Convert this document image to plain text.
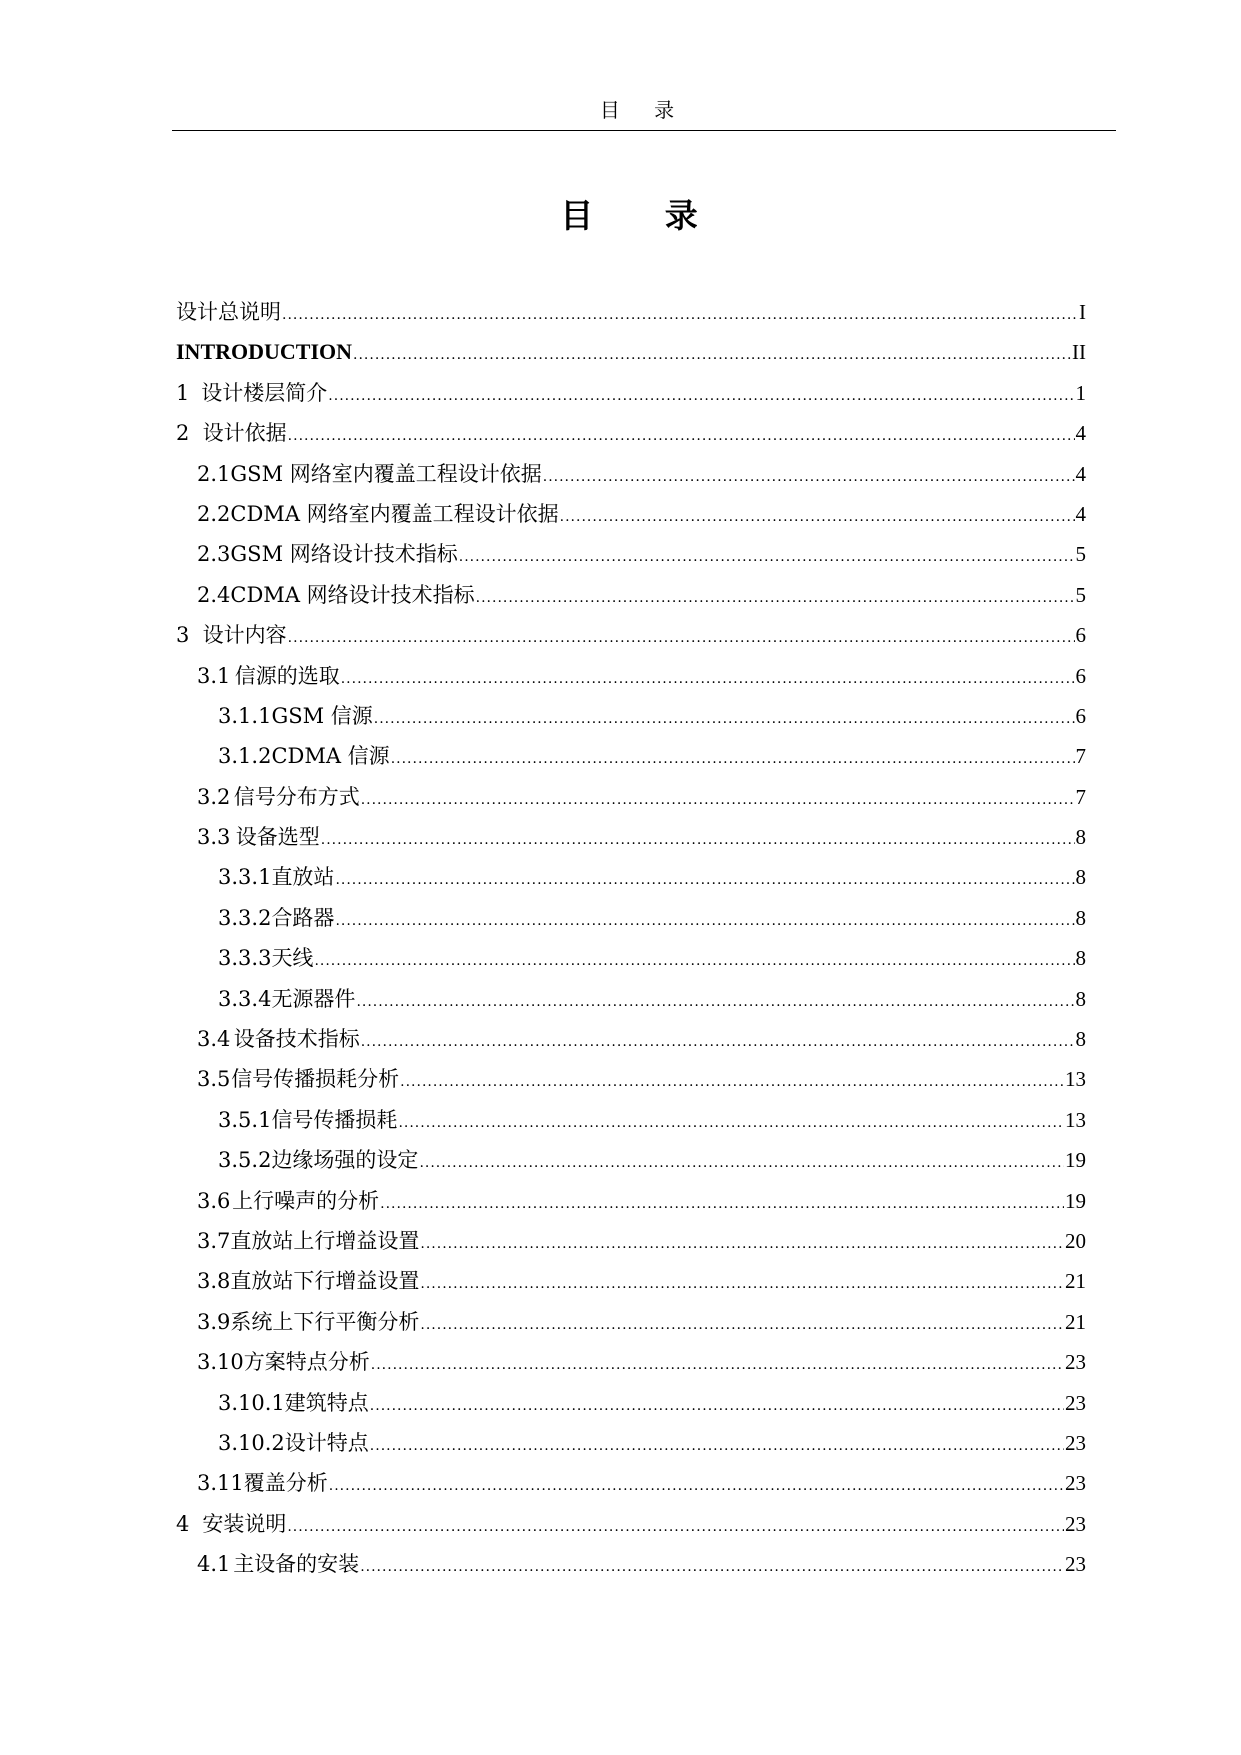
目 录
目 录
设计总说明 .....	I
INTRODUCTION .....	II
1 设计楼层简介 .....	1
2 设计依据 .....	4
2.1 GSM 网络室内覆盖工程设计依据 .....	4
2.2 CDMA 网络室内覆盖工程设计依据 .....	4
2.3 GSM 网络设计技术指标 .....	5
2.4 CDMA 网络设计技术指标 .....	5
3 设计内容 .....	6
3.1 信源的选取 .....	6
3.1.1 GSM 信源 .....	6
3.1.2 CDMA 信源 .....	7
3.2 信号分布方式 .....	7
3.3 设备选型 .....	8
3.3.1 直放站 .....	8
3.3.2 合路器 .....	8
3.3.3 天线 .....	8
3.3.4 无源器件 .....	8
3.4 设备技术指标 .....	8
3.5 信号传播损耗分析 .....	13
3.5.1 信号传播损耗 .....	13
3.5.2 边缘场强的设定 .....	19
3.6 上行噪声的分析 .....	19
3.7 直放站上行增益设置 .....	20
3.8 直放站下行增益设置 .....	21
3.9 系统上下行平衡分析 .....	21
3.10 方案特点分析 .....	23
3.10.1 建筑特点 .....	23
3.10.2 设计特点 .....	23
3.11 覆盖分析 .....	23
4 安装说明 .....	23
4.1 主设备的安装 .....	23
